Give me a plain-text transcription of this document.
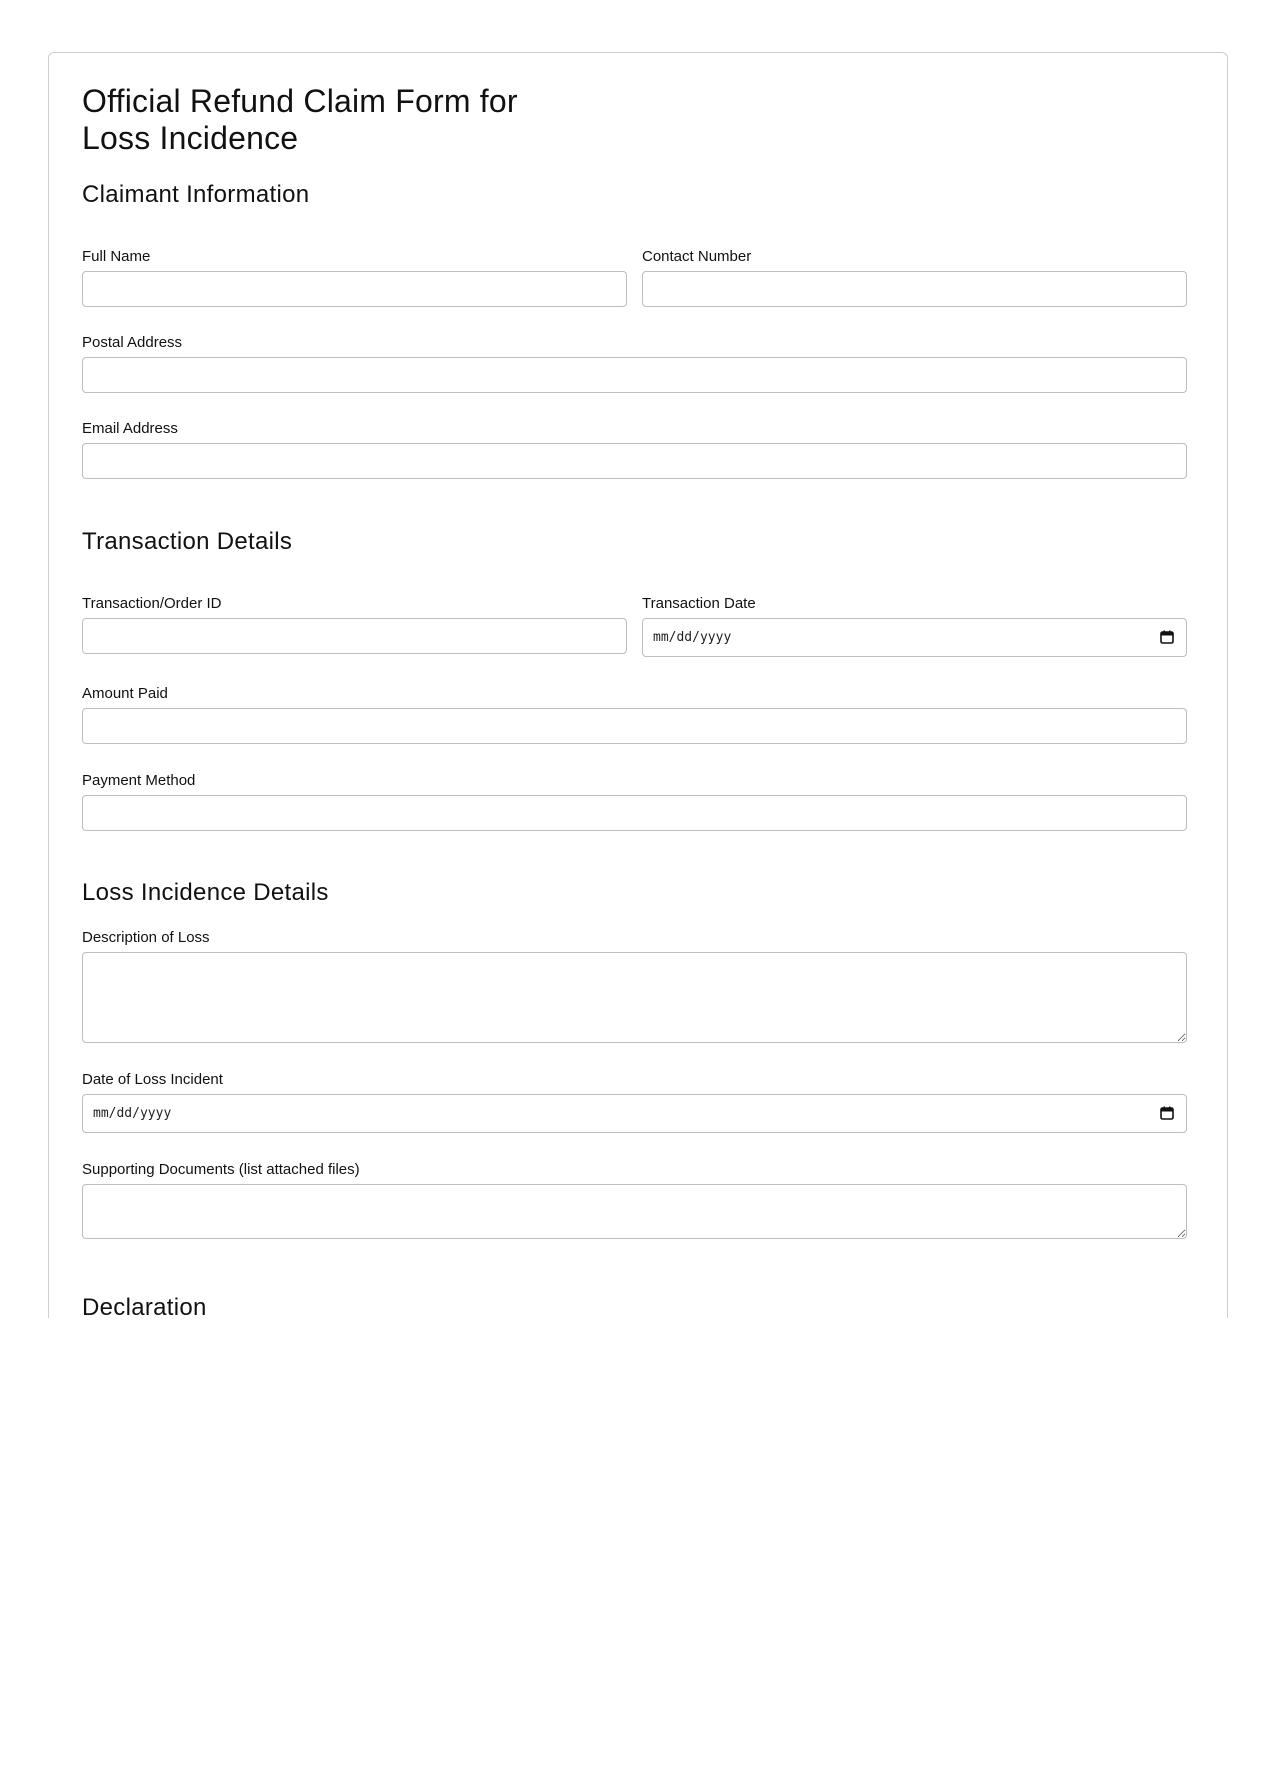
Official Refund Claim Form for Loss Incidence
Claimant Information
Full Name	Contact Number
Postal Address
Email Address
Transaction Details
Transaction/Order ID	Transaction Date
mm/dd/yyyy
Amount Paid
Payment Method
Loss Incidence Details
Description of Loss
Date of Loss Incident
mm/dd/yyyy
Supporting Documents (list attached files)
Declaration
